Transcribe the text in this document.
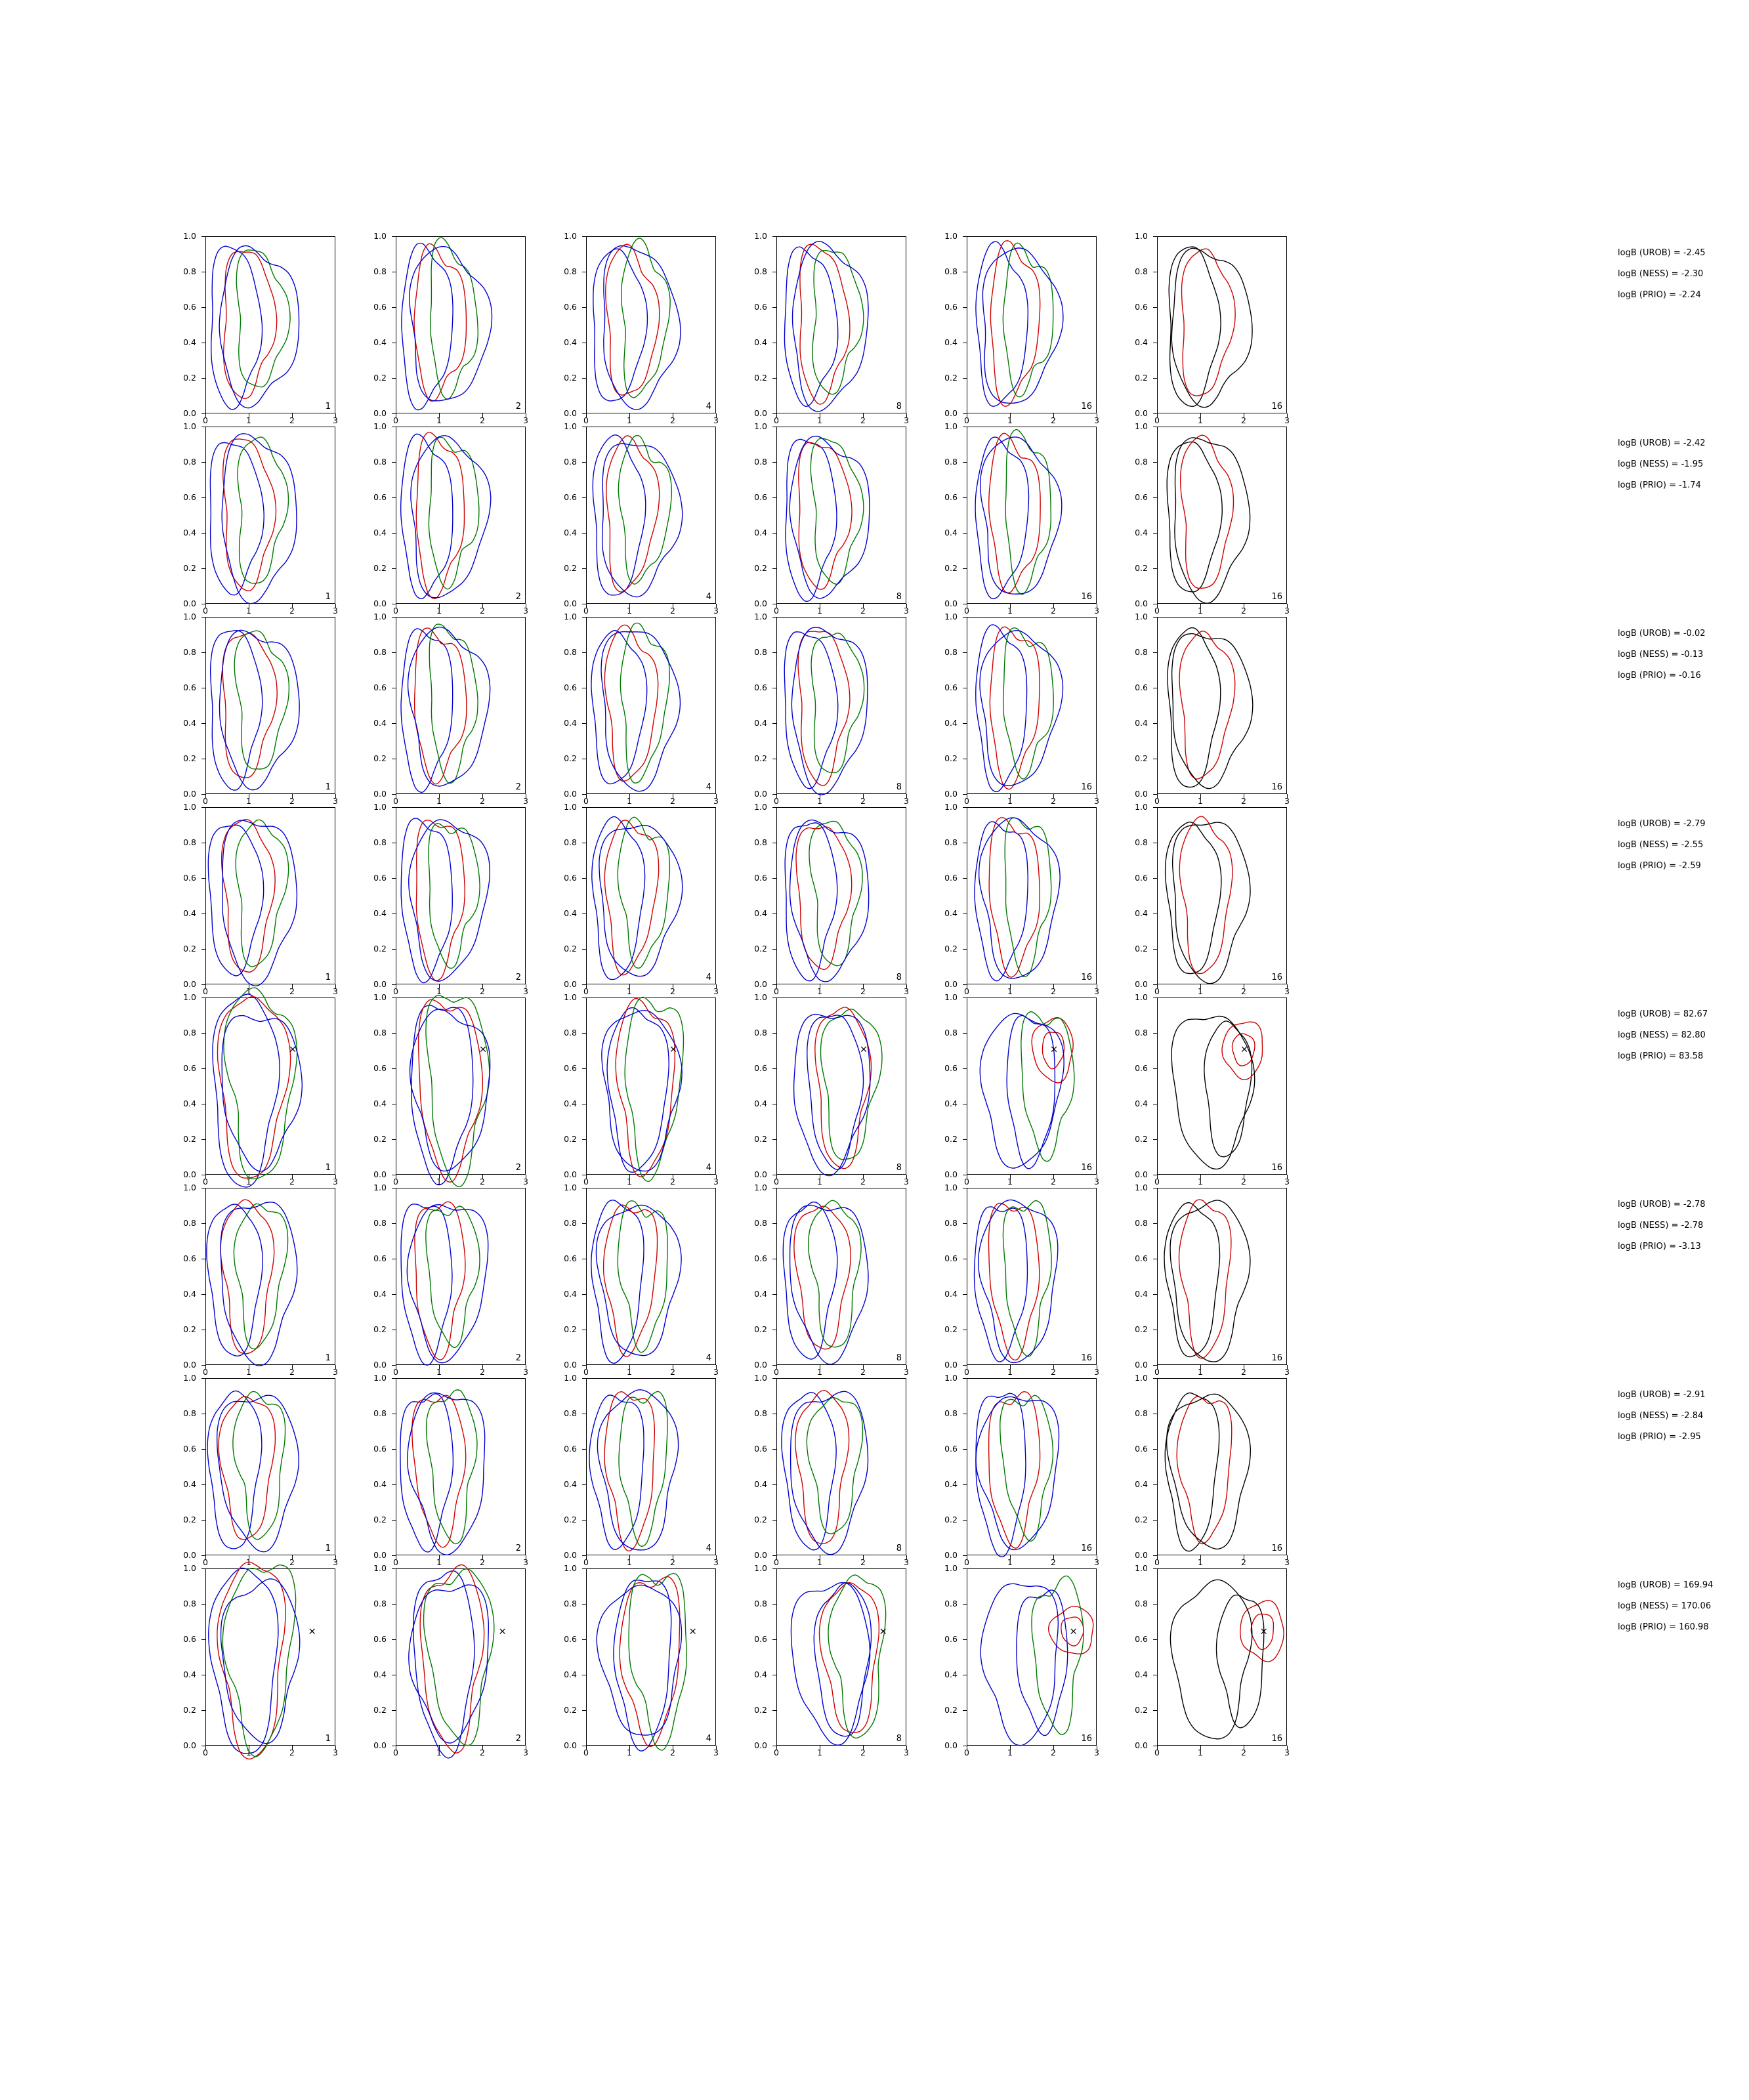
0.0
0.2
0.4
0.6
0.8
1.0
0	1	2	3
1
0.0
0.2
0.4
0.6
0.8
1.0
0	1	2	3
2
0.0
0.2
0.4
0.6
0.8
1.0
0	1	2	3
4
0.0
0.2
0.4
0.6
0.8
1.0
0	1	2	3
8
0.0
0.2
0.4
0.6
0.8
1.0
0	1	2	3
16
0.0
0.2
0.4
0.6
0.8
1.0
0	1	2	3
16
logB (UROB) = -2.45
logB (NESS) = -2.30
logB (PRIO) = -2.24
0.0
0.2
0.4
0.6
0.8
1.0
0	1	2	3
1
0.0
0.2
0.4
0.6
0.8
1.0
0	1	2	3
2
0.0
0.2
0.4
0.6
0.8
1.0
0	1	2	3
4
0.0
0.2
0.4
0.6
0.8
1.0
0	1	2	3
8
0.0
0.2
0.4
0.6
0.8
1.0
0	1	2	3
16
0.0
0.2
0.4
0.6
0.8
1.0
0	1	2	3
16
logB (UROB) = -2.42
logB (NESS) = -1.95
logB (PRIO) = -1.74
0.0
0.2
0.4
0.6
0.8
1.0
0	1	2	3
1
0.0
0.2
0.4
0.6
0.8
1.0
0	1	2	3
2
0.0
0.2
0.4
0.6
0.8
1.0
0	1	2	3
4
0.0
0.2
0.4
0.6
0.8
1.0
0	1	2	3
8
0.0
0.2
0.4
0.6
0.8
1.0
0	1	2	3
16
0.0
0.2
0.4
0.6
0.8
1.0
0	1	2	3
16
logB (UROB) = -0.02
logB (NESS) = -0.13
logB (PRIO) = -0.16
0.0
0.2
0.4
0.6
0.8
1.0
0	1	2	3
1
0.0
0.2
0.4
0.6
0.8
1.0
0	1	2	3
2
0.0
0.2
0.4
0.6
0.8
1.0
0	1	2	3
4
0.0
0.2
0.4
0.6
0.8
1.0
0	1	2	3
8
0.0
0.2
0.4
0.6
0.8
1.0
0	1	2	3
16
0.0
0.2
0.4
0.6
0.8
1.0
0	1	2	3
16
logB (UROB) = -2.79
logB (NESS) = -2.55
logB (PRIO) = -2.59
0.0
0.2
0.4
0.6
0.8
1.0
0	1	2	3
×
1
0.0
0.2
0.4
0.6
0.8
1.0
0	1	2	3
×
2
0.0
0.2
0.4
0.6
0.8
1.0
0	1	2	3
×
4
0.0
0.2
0.4
0.6
0.8
1.0
0	1	2	3
×
8
0.0
0.2
0.4
0.6
0.8
1.0
0	1	2	3
×
16
0.0
0.2
0.4
0.6
0.8
1.0
0	1	2	3
×
16
logB (UROB) = 82.67
logB (NESS) = 82.80
logB (PRIO) = 83.58
0.0
0.2
0.4
0.6
0.8
1.0
0	1	2	3
1
0.0
0.2
0.4
0.6
0.8
1.0
0	1	2	3
2
0.0
0.2
0.4
0.6
0.8
1.0
0	1	2	3
4
0.0
0.2
0.4
0.6
0.8
1.0
0	1	2	3
8
0.0
0.2
0.4
0.6
0.8
1.0
0	1	2	3
16
0.0
0.2
0.4
0.6
0.8
1.0
0	1	2	3
16
logB (UROB) = -2.78
logB (NESS) = -2.78
logB (PRIO) = -3.13
0.0
0.2
0.4
0.6
0.8
1.0
0	1	2	3
1
0.0
0.2
0.4
0.6
0.8
1.0
0	1	2	3
2
0.0
0.2
0.4
0.6
0.8
1.0
0	1	2	3
4
0.0
0.2
0.4
0.6
0.8
1.0
0	1	2	3
8
0.0
0.2
0.4
0.6
0.8
1.0
0	1	2	3
16
0.0
0.2
0.4
0.6
0.8
1.0
0	1	2	3
16
logB (UROB) = -2.91
logB (NESS) = -2.84
logB (PRIO) = -2.95
0.0
0.2
0.4
0.6
0.8
1.0
0	1	2	3
×
1
0.0
0.2
0.4
0.6
0.8
1.0
0	1	2	3
×
2
0.0
0.2
0.4
0.6
0.8
1.0
0	1	2	3
×
4
0.0
0.2
0.4
0.6
0.8
1.0
0	1	2	3
×
8
0.0
0.2
0.4
0.6
0.8
1.0
0	1	2	3
×
16
0.0
0.2
0.4
0.6
0.8
1.0
0	1	2	3
×
16
logB (UROB) = 169.94
logB (NESS) = 170.06
logB (PRIO) = 160.98
